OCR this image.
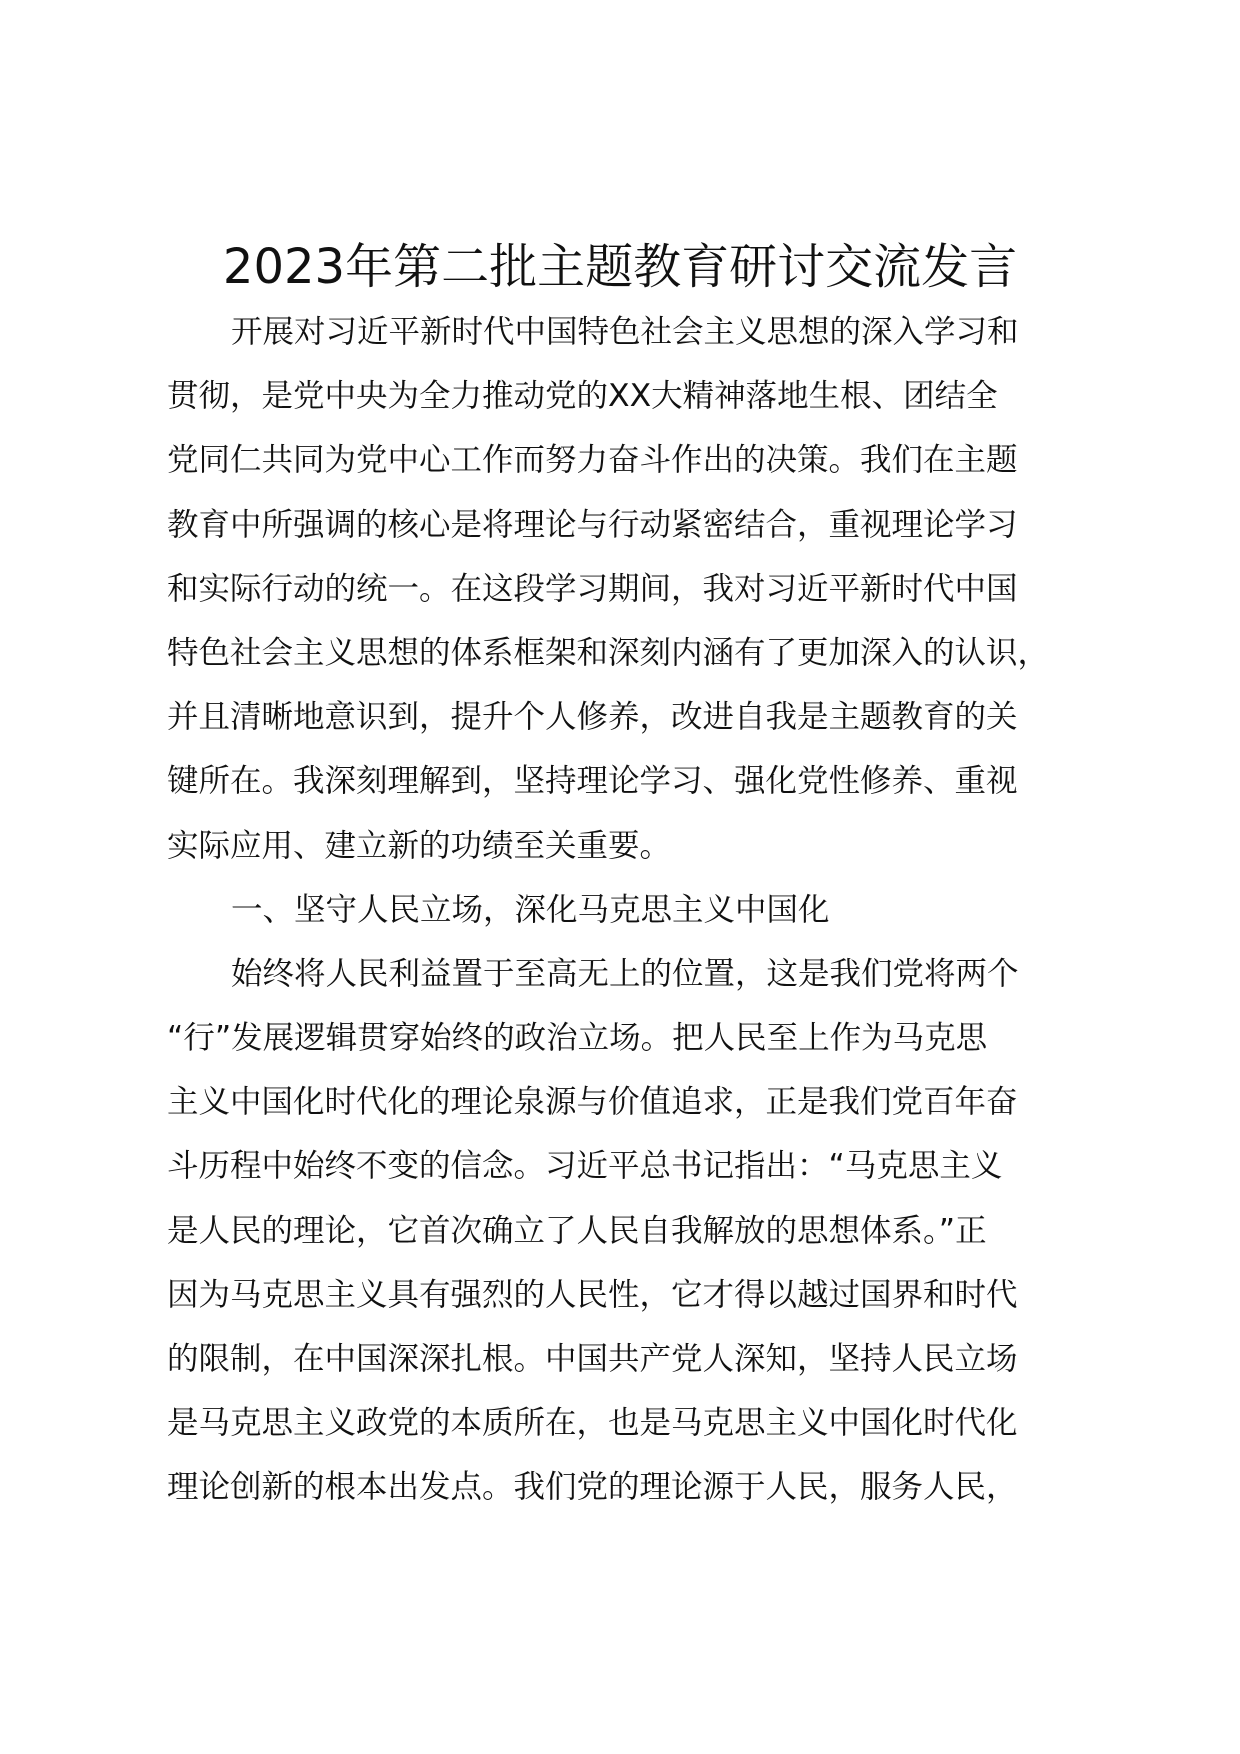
2023年第二批主题教育研讨交流发言
开展对习近平新时代中国特色社会主义思想的深入学习和
贯彻，是党中央为全力推动党的XX大精神落地生根、团结全
党同仁共同为党中心工作而努力奋斗作出的决策。我们在主题
教育中所强调的核心是将理论与行动紧密结合，重视理论学习
和实际行动的统一。在这段学习期间，我对习近平新时代中国
特色社会主义思想的体系框架和深刻内涵有了更加深入的认识，
并且清晰地意识到，提升个人修养，改进自我是主题教育的关
键所在。我深刻理解到，坚持理论学习、强化党性修养、重视
实际应用、建立新的功绩至关重要。
一、坚守人民立场，深化马克思主义中国化
始终将人民利益置于至高无上的位置，这是我们党将两个
“行”发展逻辑贯穿始终的政治立场。把人民至上作为马克思
主义中国化时代化的理论泉源与价值追求，正是我们党百年奋
斗历程中始终不变的信念。习近平总书记指出：“马克思主义
是人民的理论，它首次确立了人民自我解放的思想体系。”正
因为马克思主义具有强烈的人民性，它才得以越过国界和时代
的限制，在中国深深扎根。中国共产党人深知，坚持人民立场
是马克思主义政党的本质所在，也是马克思主义中国化时代化
理论创新的根本出发点。我们党的理论源于人民，服务人民，
